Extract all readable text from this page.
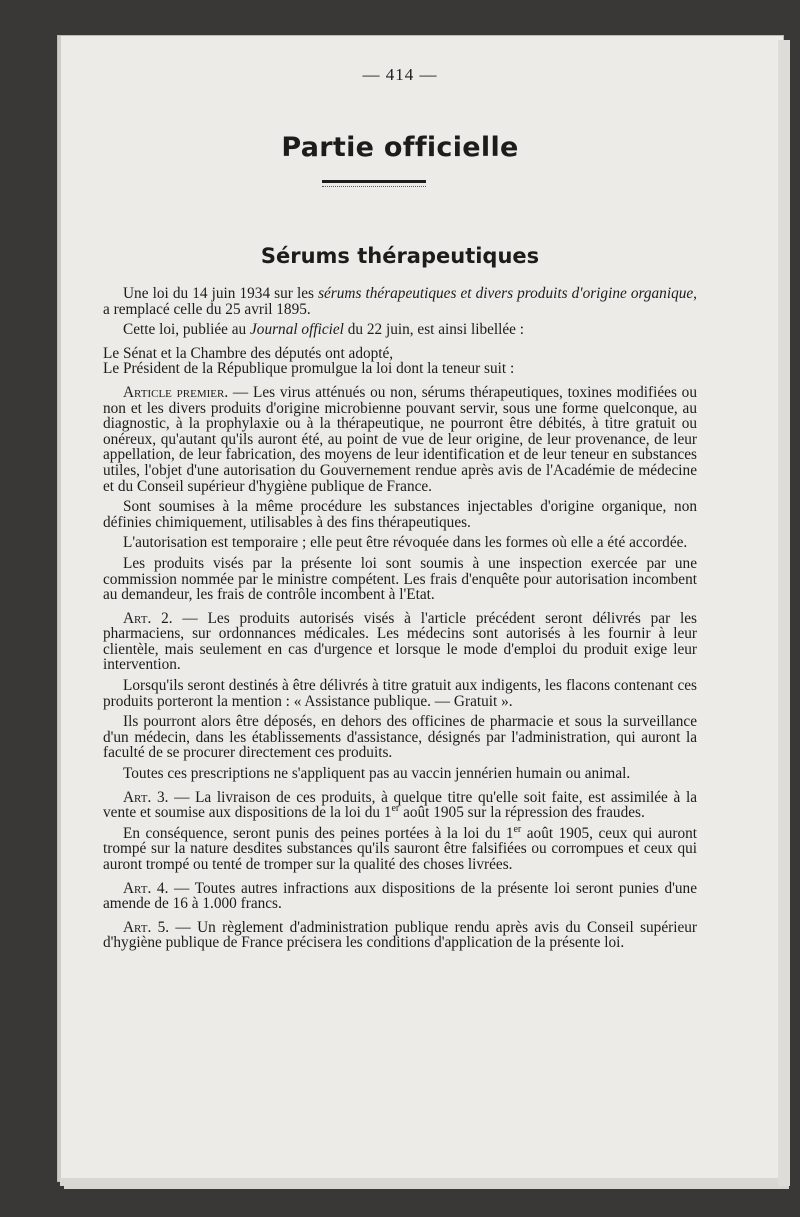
— 414 —

Partie officielle
Sérums thérapeutiques

Une loi du 14 juin 1934 sur les sérums thérapeutiques et divers produits d'origine organique, a remplacé celle du 25 avril 1895.

Cette loi, publiée au Journal officiel du 22 juin, est ainsi libellée :

Le Sénat et la Chambre des députés ont adopté,

Le Président de la République promulgue la loi dont la teneur suit :

Article premier. — Les virus atténués ou non, sérums thérapeutiques, toxines modifiées ou non et les divers produits d'origine microbienne pouvant servir, sous une forme quelconque, au diagnostic, à la prophylaxie ou à la thérapeutique, ne pourront être débités, à titre gratuit ou onéreux, qu'autant qu'ils auront été, au point de vue de leur origine, de leur provenance, de leur appellation, de leur fabrication, des moyens de leur identification et de leur teneur en substances utiles, l'objet d'une autorisation du Gouvernement rendue après avis de l'Académie de médecine et du Conseil supérieur d'hygiène publique de France.

Sont soumises à la même procédure les substances injectables d'origine organique, non définies chimiquement, utilisables à des fins thérapeutiques.

L'autorisation est temporaire ; elle peut être révoquée dans les formes où elle a été accordée.

Les produits visés par la présente loi sont soumis à une inspection exercée par une commission nommée par le ministre compétent. Les frais d'enquête pour autorisation incombent au demandeur, les frais de contrôle incombent à l'Etat.

Art. 2. — Les produits autorisés visés à l'article précédent seront délivrés par les pharmaciens, sur ordonnances médicales. Les médecins sont autorisés à les fournir à leur clientèle, mais seulement en cas d'urgence et lorsque le mode d'emploi du produit exige leur intervention.

Lorsqu'ils seront destinés à être délivrés à titre gratuit aux indigents, les flacons contenant ces produits porteront la mention : « Assistance publique. — Gratuit ».

Ils pourront alors être déposés, en dehors des officines de pharmacie et sous la surveillance d'un médecin, dans les établissements d'assistance, désignés par l'administration, qui auront la faculté de se procurer directement ces produits.

Toutes ces prescriptions ne s'appliquent pas au vaccin jennérien humain ou animal.

Art. 3. — La livraison de ces produits, à quelque titre qu'elle soit faite, est assimilée à la vente et soumise aux dispositions de la loi du 1er août 1905 sur la répression des fraudes.

En conséquence, seront punis des peines portées à la loi du 1er août 1905, ceux qui auront trompé sur la nature desdites substances qu'ils sauront être falsifiées ou corrompues et ceux qui auront trompé ou tenté de tromper sur la qualité des choses livrées.

Art. 4. — Toutes autres infractions aux dispositions de la présente loi seront punies d'une amende de 16 à 1.000 francs.

Art. 5. — Un règlement d'administration publique rendu après avis du Conseil supérieur d'hygiène publique de France précisera les conditions d'application de la présente loi.
